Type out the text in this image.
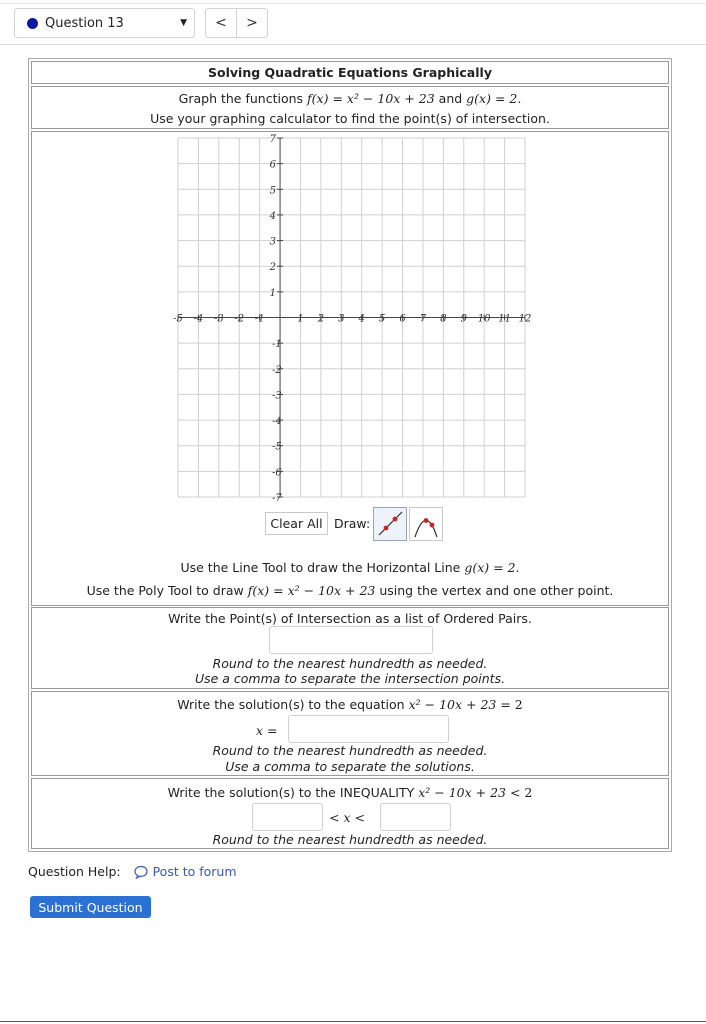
Question 13	▼	<	>
Solving Quadratic Equations Graphically
Graph the functions f(x) = x² − 10x + 23 and g(x) = 2.
Use your graphing calculator to find the point(s) of intersection.
-5 -4 -3 -2 -1	1 2 3 4 5 6 7 8 9 10 11 12
7
6
5
4
3
2
1
-1
-2
-3
-4
-5
-6
-7
Clear All Draw:
Use the Line Tool to draw the Horizontal Line g(x) = 2.
Use the Poly Tool to draw f(x) = x² − 10x + 23 using the vertex and one other point.
Write the Point(s) of Intersection as a list of Ordered Pairs.
Round to the nearest hundredth as needed.
Use a comma to separate the intersection points.
Write the solution(s) to the equation x² − 10x + 23 = 2
x =
Round to the nearest hundredth as needed.
Use a comma to separate the solutions.
Write the solution(s) to the INEQUALITY x² − 10x + 23 < 2
< x <
Round to the nearest hundredth as needed.
Question Help:	Post to forum
Submit Question
